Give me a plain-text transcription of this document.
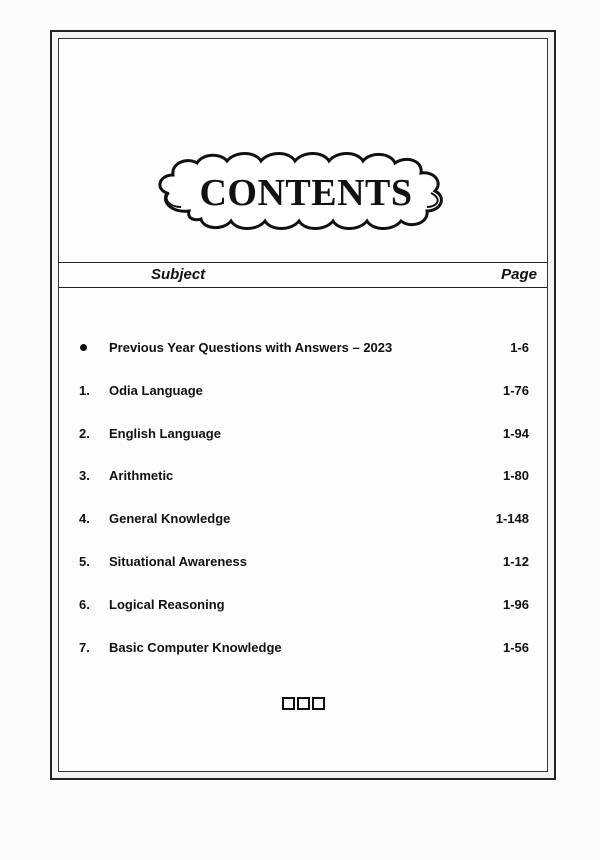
CONTENTS
Subject	Page
Previous Year Questions with Answers – 2023	1-6
1. Odia Language	1-76
2. English Language	1-94
3. Arithmetic	1-80
4. General Knowledge	1-148
5. Situational Awareness	1-12
6. Logical Reasoning	1-96
7. Basic Computer Knowledge	1-56
